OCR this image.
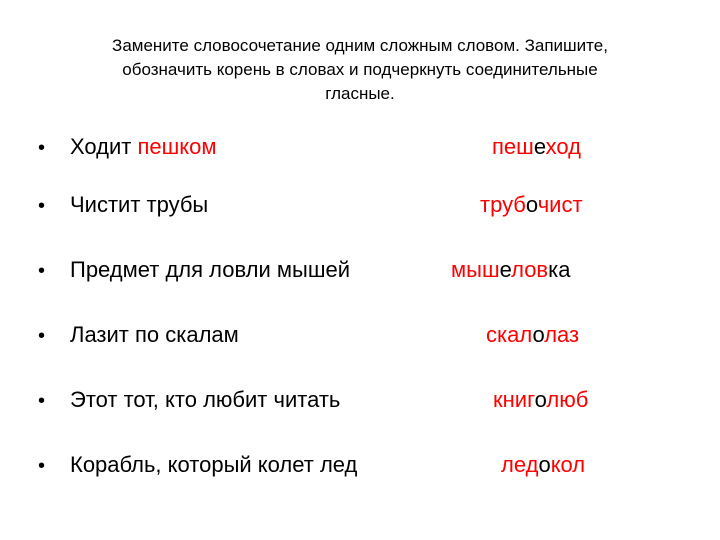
Замените словосочетание одним сложным словом. Запишите,
обозначить корень в словах и подчеркнуть соединительные
гласные.
• Ходит пешком	пешеход
• Чистит трубы	трубочист
• Предмет для ловли мышей	мышеловка
• Лазит по скалам	скалолаз
• Этот тот, кто любит читать	книголюб
• Корабль, который колет лед	ледокол
